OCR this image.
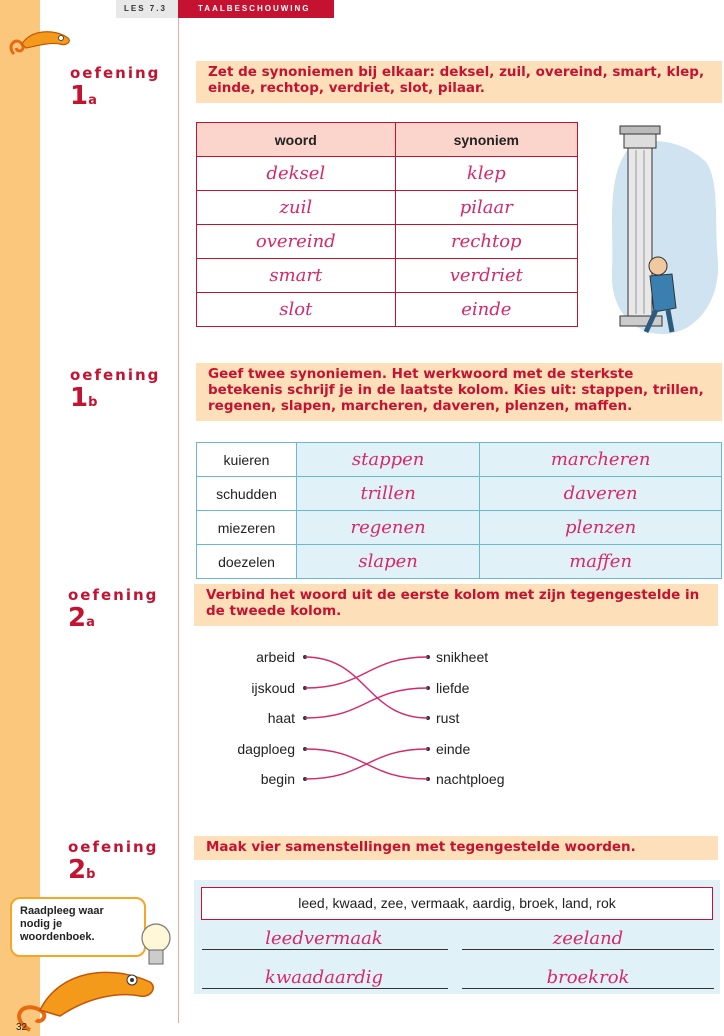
LES 7.3	TAALBESCHOUWING
oefening
1a
Zet de synoniemen bij elkaar: deksel, zuil, overeind, smart, klep, einde, rechtop, verdriet, slot, pilaar.
woord	synoniem
deksel	klep
zuil	pilaar
overeind	rechtop
smart	verdriet
slot	einde
oefening
1b
Geef twee synoniemen. Het werkwoord met de sterkste betekenis schrijf je in de laatste kolom. Kies uit: stappen, trillen, regenen, slapen, marcheren, daveren, plenzen, maffen.
kuieren	stappen	marcheren
schudden	trillen	daveren
miezeren	regenen	plenzen
doezelen	slapen	maffen
oefening
2a
Verbind het woord uit de eerste kolom met zijn tegengestelde in de tweede kolom.
arbeid
ijskoud
haat
dagploeg
begin
snikheet
liefde
rust
einde
nachtploeg
oefening
2b
Maak vier samenstellingen met tegengestelde woorden.
leed, kwaad, zee, vermaak, aardig, broek, land, rok
leedvermaak	zeeland
kwaadaardig	broekrok
Raadpleeg waar nodig je woordenboek.
32
